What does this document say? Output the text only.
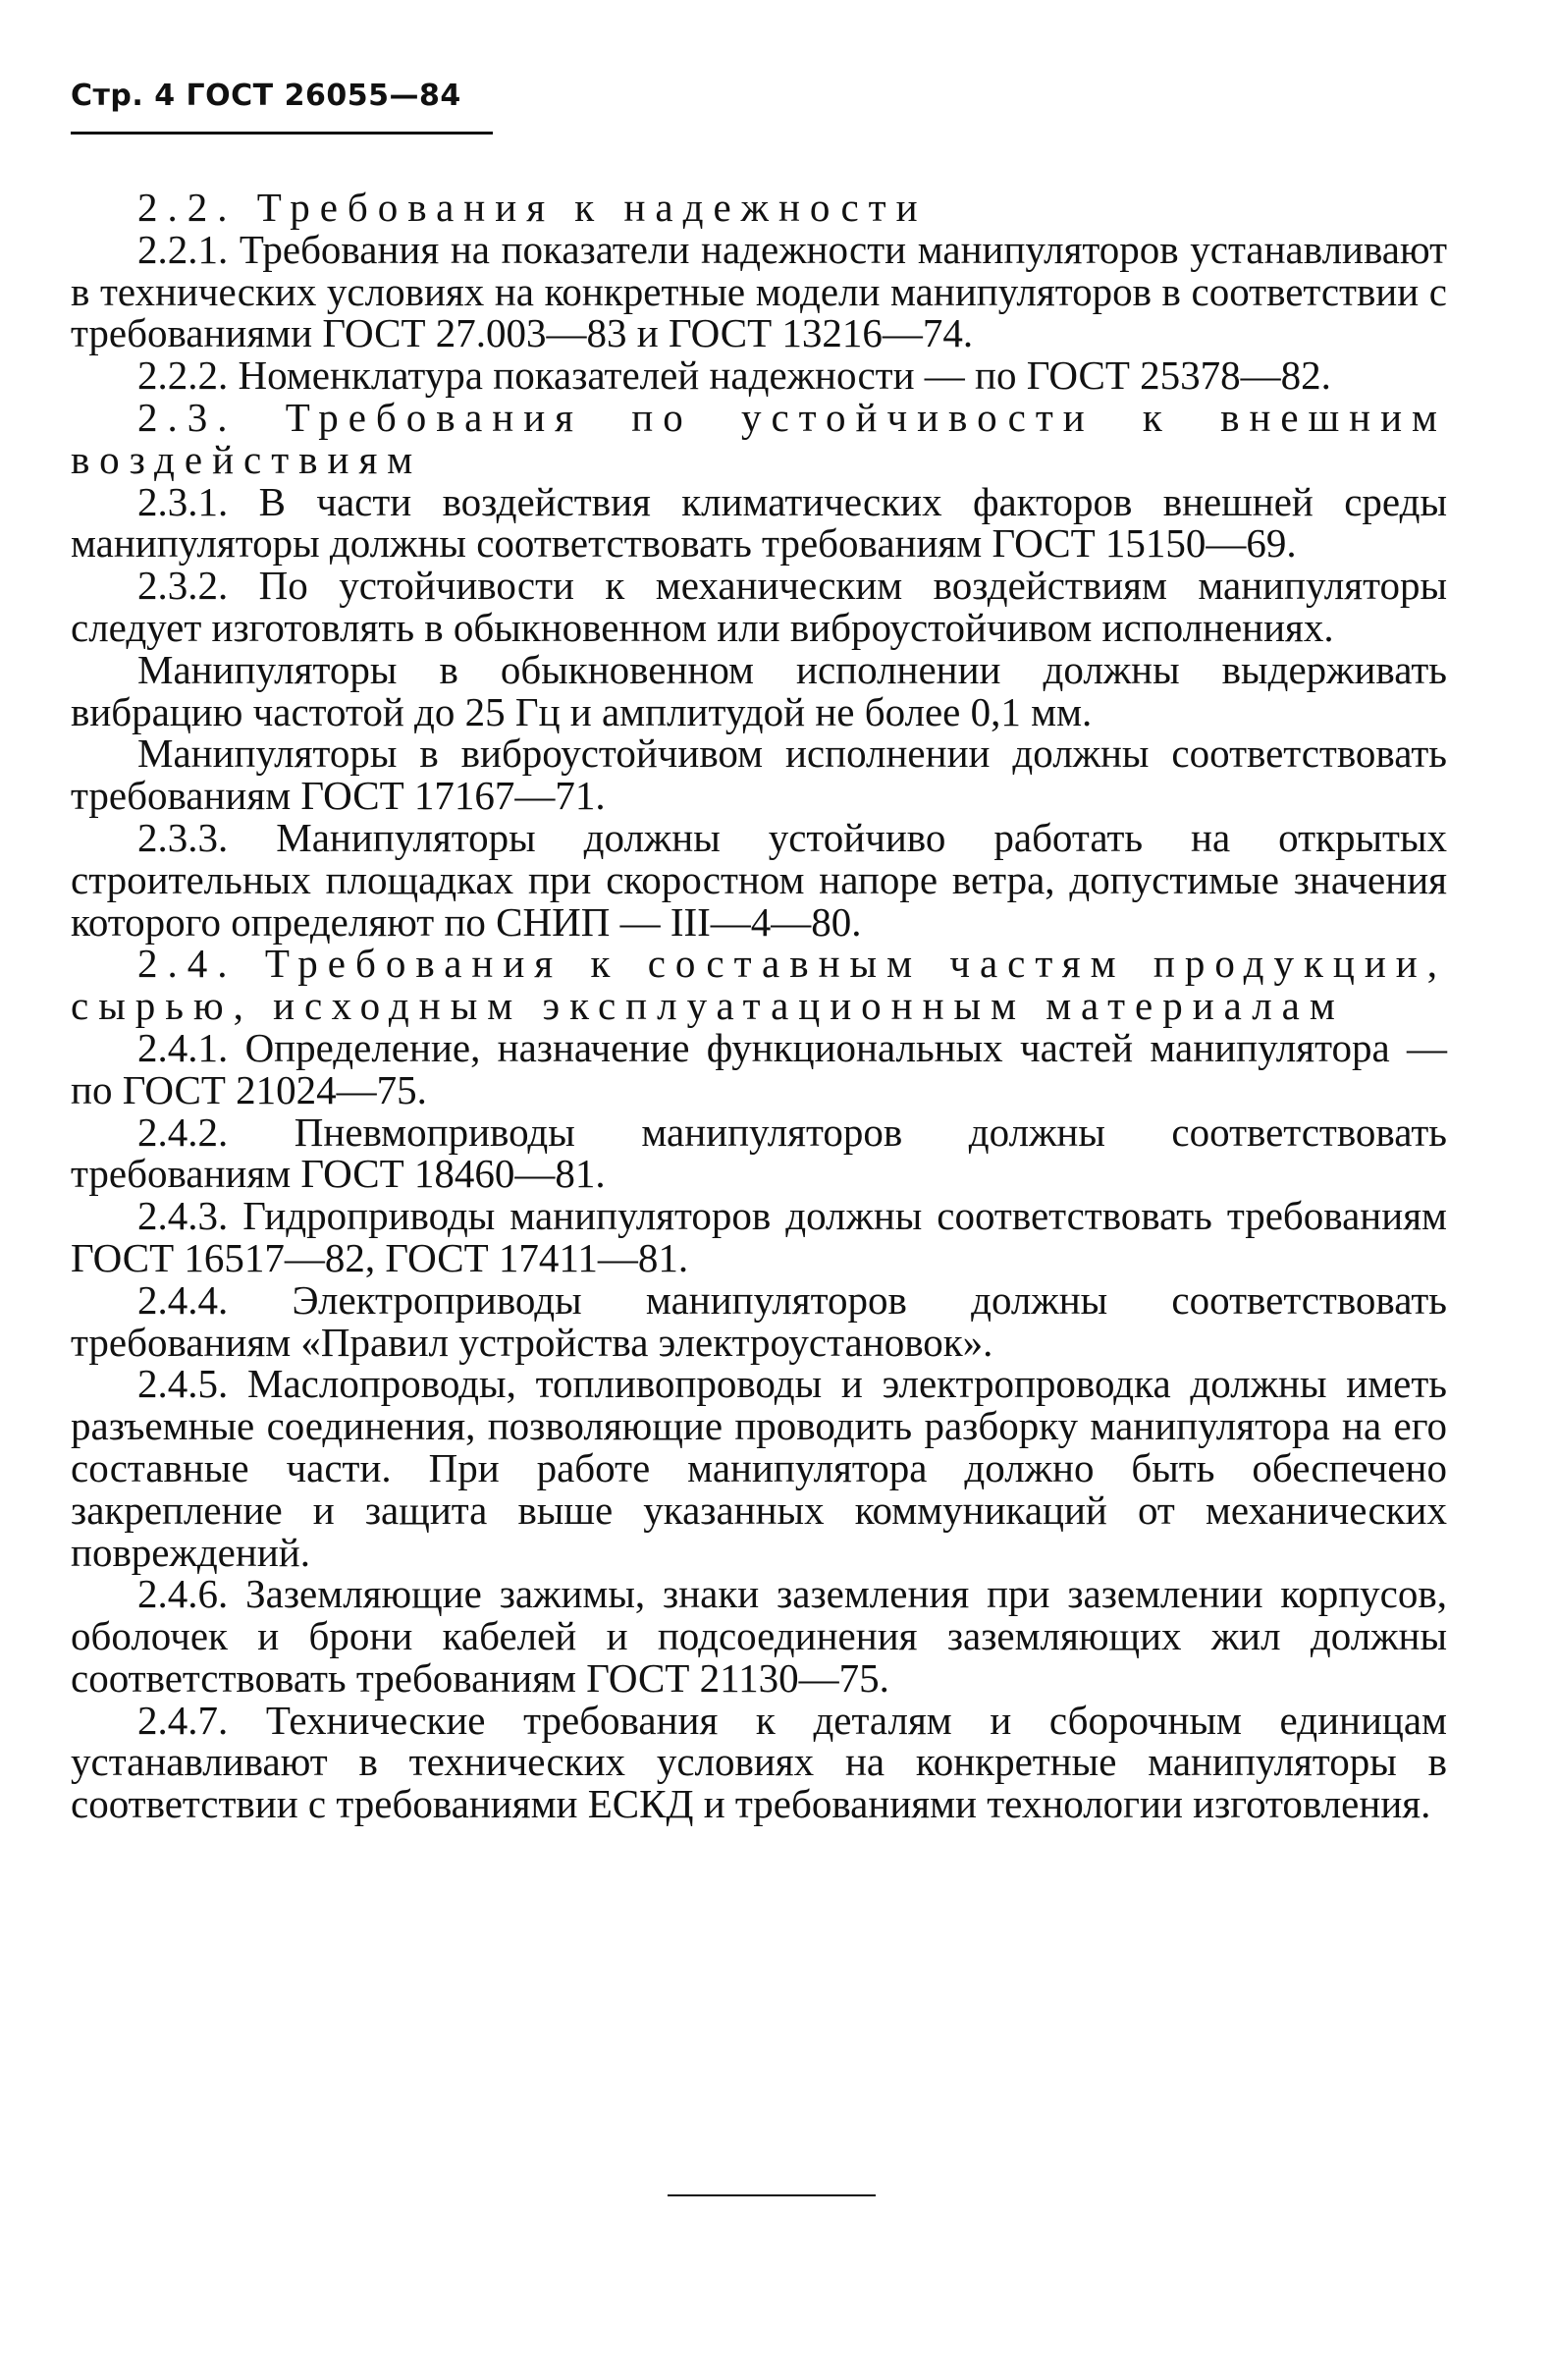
Стр. 4 ГОСТ 26055—84

2.2. Требования к надежности

2.2.1. Требования на показатели надежности манипуляторов устанавливают в технических условиях на конкретные модели манипуляторов в соответствии с требованиями ГОСТ 27.003—83 и ГОСТ 13216—74.

2.2.2. Номенклатура показателей надежности — по ГОСТ 25378—82.

2.3. Требования по устойчивости к внешним воздействиям

2.3.1. В части воздействия климатических факторов внешней среды манипуляторы должны соответствовать требованиям ГОСТ 15150—69.

2.3.2. По устойчивости к механическим воздействиям манипуляторы следует изготовлять в обыкновенном или виброустойчивом исполнениях.

Манипуляторы в обыкновенном исполнении должны выдерживать вибрацию частотой до 25 Гц и амплитудой не более 0,1 мм.

Манипуляторы в виброустойчивом исполнении должны соответствовать требованиям ГОСТ 17167—71.

2.3.3. Манипуляторы должны устойчиво работать на открытых строительных площадках при скоростном напоре ветра, допустимые значения которого определяют по СНИП — III—4—80.

2.4. Требования к составным частям продукции, сырью, исходным эксплуатационным материалам

2.4.1. Определение, назначение функциональных частей манипулятора — по ГОСТ 21024—75.

2.4.2. Пневмоприводы манипуляторов должны соответствовать требованиям ГОСТ 18460—81.

2.4.3. Гидроприводы манипуляторов должны соответствовать требованиям ГОСТ 16517—82, ГОСТ 17411—81.

2.4.4. Электроприводы манипуляторов должны соответствовать требованиям «Правил устройства электроустановок».

2.4.5. Маслопроводы, топливопроводы и электропроводка должны иметь разъемные соединения, позволяющие проводить разборку манипулятора на его составные части. При работе манипулятора должно быть обеспечено закрепление и защита выше указанных коммуникаций от механических повреждений.

2.4.6. Заземляющие зажимы, знаки заземления при заземлении корпусов, оболочек и брони кабелей и подсоединения заземляющих жил должны соответствовать требованиям ГОСТ 21130—75.

2.4.7. Технические требования к деталям и сборочным единицам устанавливают в технических условиях на конкретные манипуляторы в соответствии с требованиями ЕСКД и требованиями технологии изготовления.
